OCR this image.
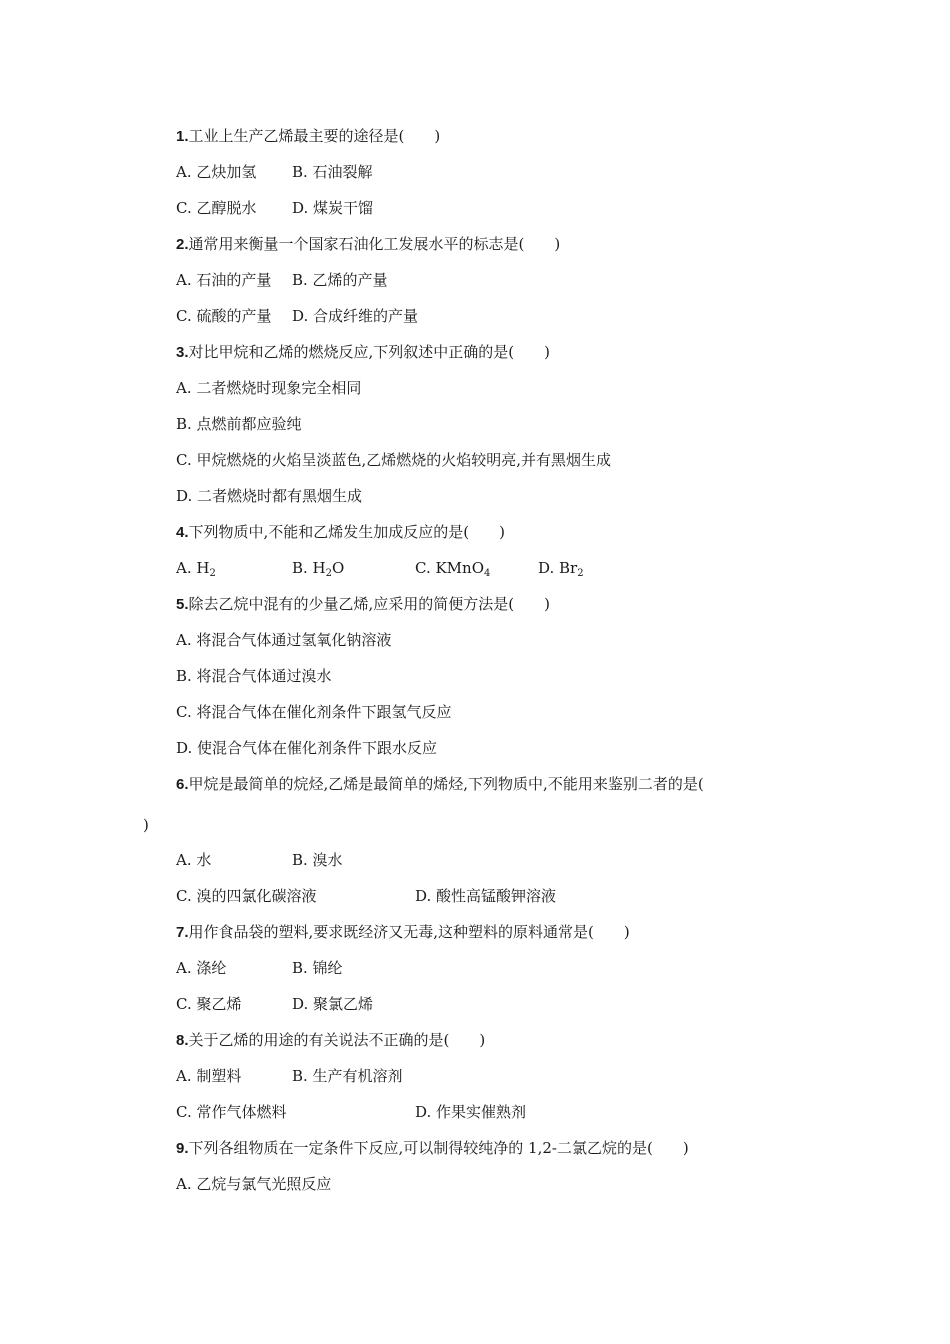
1.工业上生产乙烯最主要的途径是(　　)
A. 乙炔加氢 B. 石油裂解
C. 乙醇脱水 D. 煤炭干馏
2.通常用来衡量一个国家石油化工发展水平的标志是(　　)
A. 石油的产量 B. 乙烯的产量
C. 硫酸的产量 D. 合成纤维的产量
3.对比甲烷和乙烯的燃烧反应,下列叙述中正确的是(　　)
A. 二者燃烧时现象完全相同
B. 点燃前都应验纯
C. 甲烷燃烧的火焰呈淡蓝色,乙烯燃烧的火焰较明亮,并有黑烟生成
D. 二者燃烧时都有黑烟生成
4.下列物质中,不能和乙烯发生加成反应的是(　　)
A. $H_2$	B. $H_2O$	C. KMnO$_4$	D. $Br_2$
5.除去乙烷中混有的少量乙烯,应采用的简便方法是(　　)
A. 将混合气体通过氢氧化钠溶液
B. 将混合气体通过溴水
C. 将混合气体在催化剂条件下跟氢气反应
D. 使混合气体在催化剂条件下跟水反应
6.甲烷是最简单的烷烃,乙烯是最简单的烯烃,下列物质中,不能用来鉴别二者的是(
)
A. 水	B. 溴水
C. 溴的四氯化碳溶液	D. 酸性高锰酸钾溶液
7.用作食品袋的塑料,要求既经济又无毒,这种塑料的原料通常是(　　)
A. 涤纶	B. 锦纶
C. 聚乙烯	D. 聚氯乙烯
8.关于乙烯的用途的有关说法不正确的是(　　)
A. 制塑料	B. 生产有机溶剂
C. 常作气体燃料	D. 作果实催熟剂
9.下列各组物质在一定条件下反应,可以制得较纯净的 1,2-二氯乙烷的是(　　)
A. 乙烷与氯气光照反应
